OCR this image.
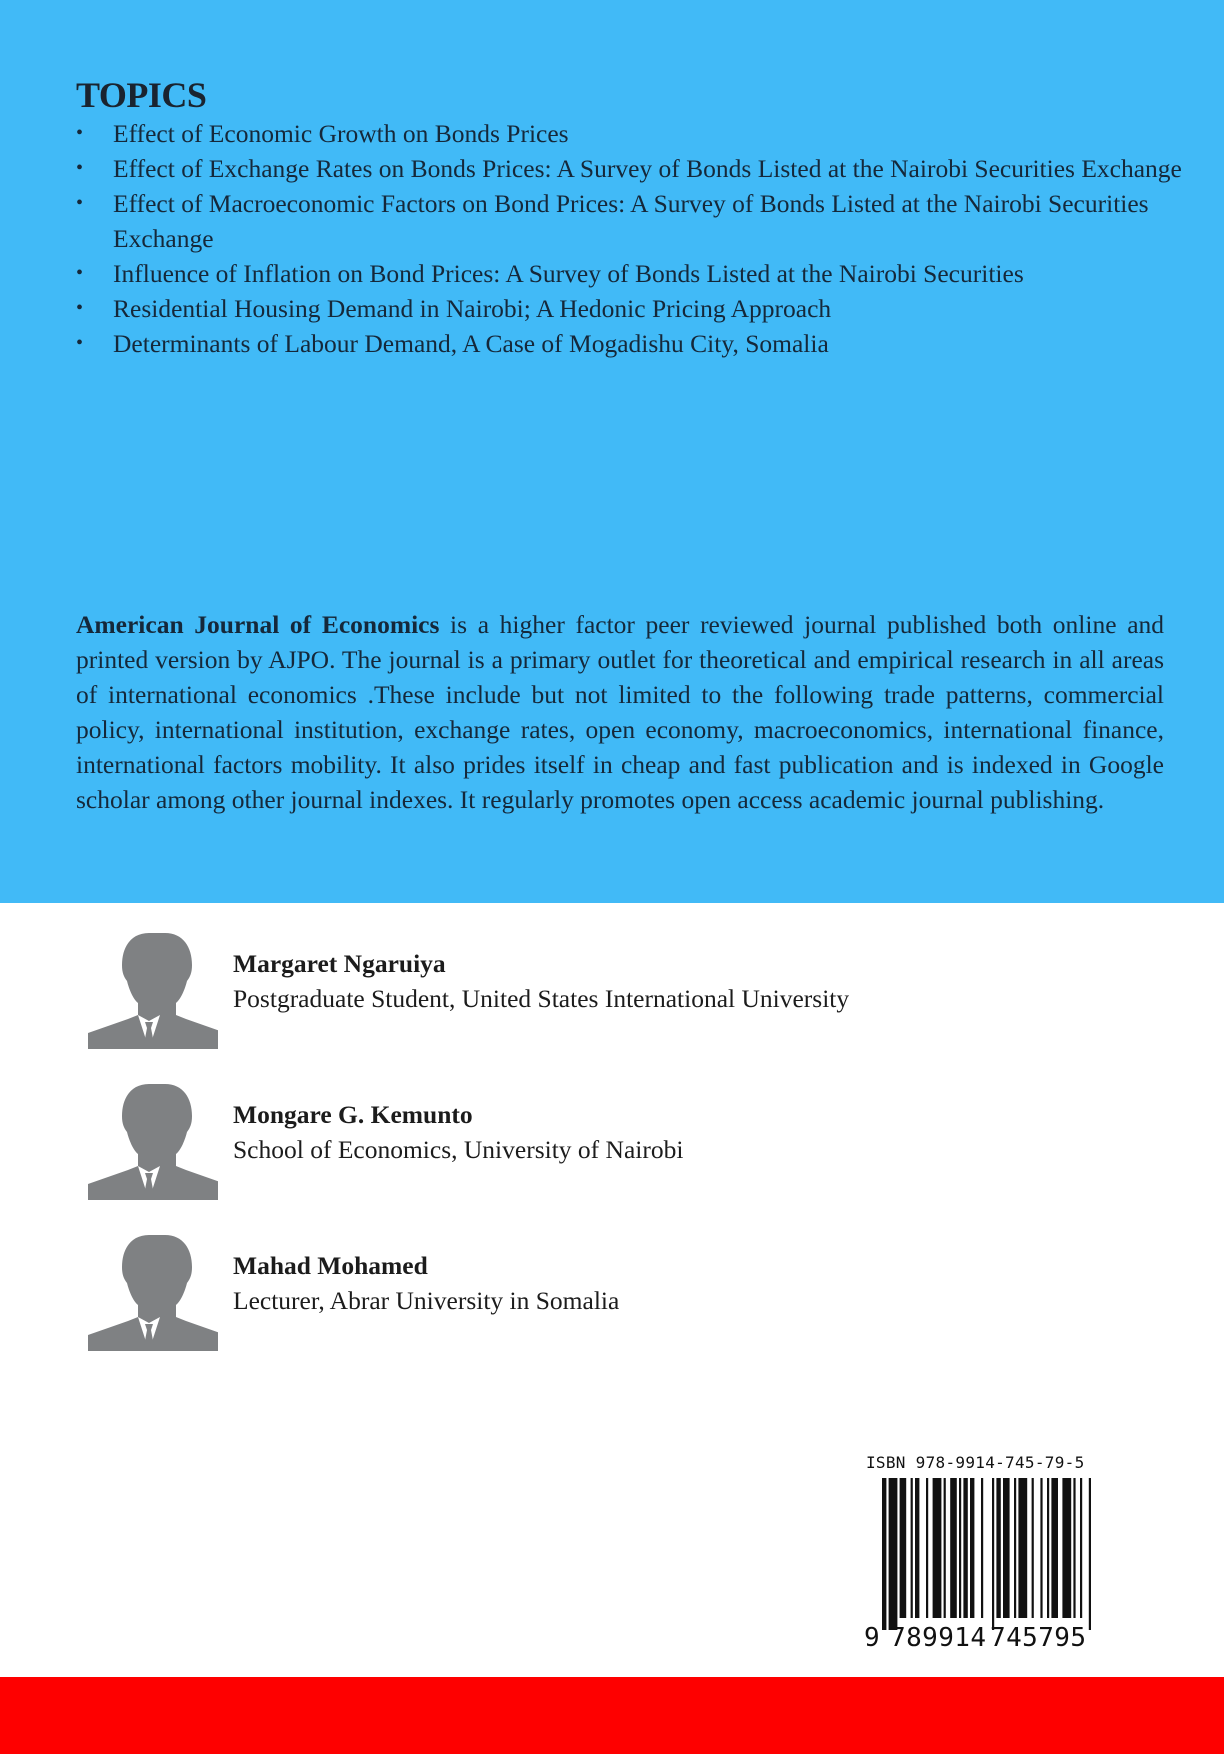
TOPICS
• Effect of Economic Growth on Bonds Prices
• Effect of Exchange Rates on Bonds Prices: A Survey of Bonds Listed at the Nairobi Securities Exchange
• Effect of Macroeconomic Factors on Bond Prices: A Survey of Bonds Listed at the Nairobi Securities Exchange
• Influence of Inflation on Bond Prices: A Survey of Bonds Listed at the Nairobi Securities
• Residential Housing Demand in Nairobi; A Hedonic Pricing Approach
• Determinants of Labour Demand, A Case of Mogadishu City, Somalia

American Journal of Economics is a higher factor peer reviewed journal published both online and printed version by AJPO. The journal is a primary outlet for theoretical and empirical research in all areas of international economics .These include but not limited to the following trade patterns, commercial policy, international institution, exchange rates, open economy, macroeconomics, international finance, international factors mobility. It also prides itself in cheap and fast publication and is indexed in Google scholar among other journal indexes. It regularly promotes open access academic journal publishing.

Margaret Ngaruiya
Postgraduate Student, United States International University
Mongare G. Kemunto
School of Economics, University of Nairobi
Mahad Mohamed
Lecturer, Abrar University in Somalia
ISBN 978-9914-745-79-5
9 789914 745795
